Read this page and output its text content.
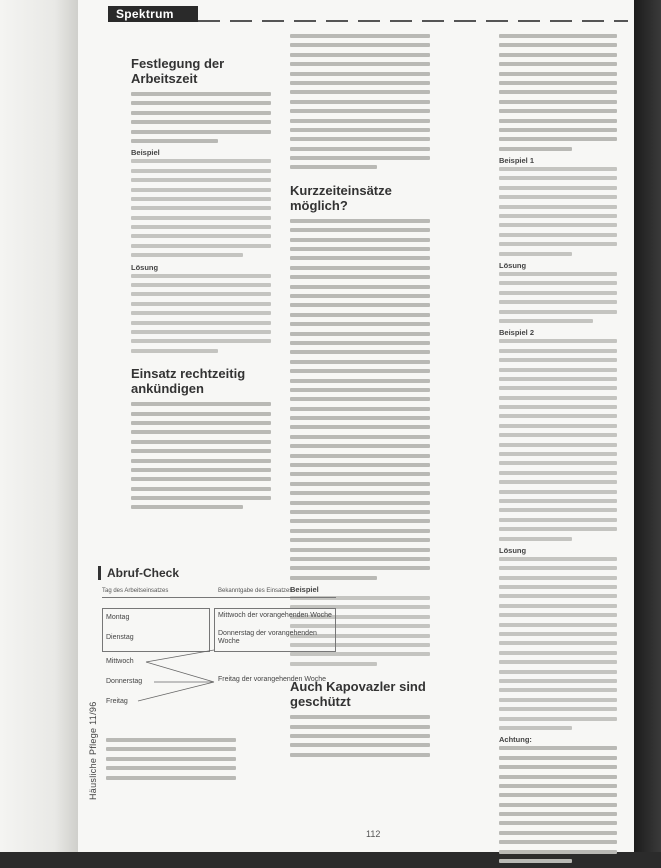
Spektrum
Festlegung der Arbeitszeit
Beispiel
Lösung
Einsatz rechtzeitig ankündigen
Kurzzeiteinsätze möglich?
Beispiel
Auch Kapovazler sind geschützt
Beispiel 1
Lösung
Beispiel 2
Lösung
Achtung:
Abruf-Check
Tag des Arbeitseinsatzes	Bekanntgabe des Einsatzes
Montag
Dienstag
Mittwoch
Donnerstag
Freitag
Mittwoch der vorangehenden Woche
Donnerstag der vorangehenden Woche
Freitag der vorangehenden Woche
Häusliche Pflege 11/96
112
